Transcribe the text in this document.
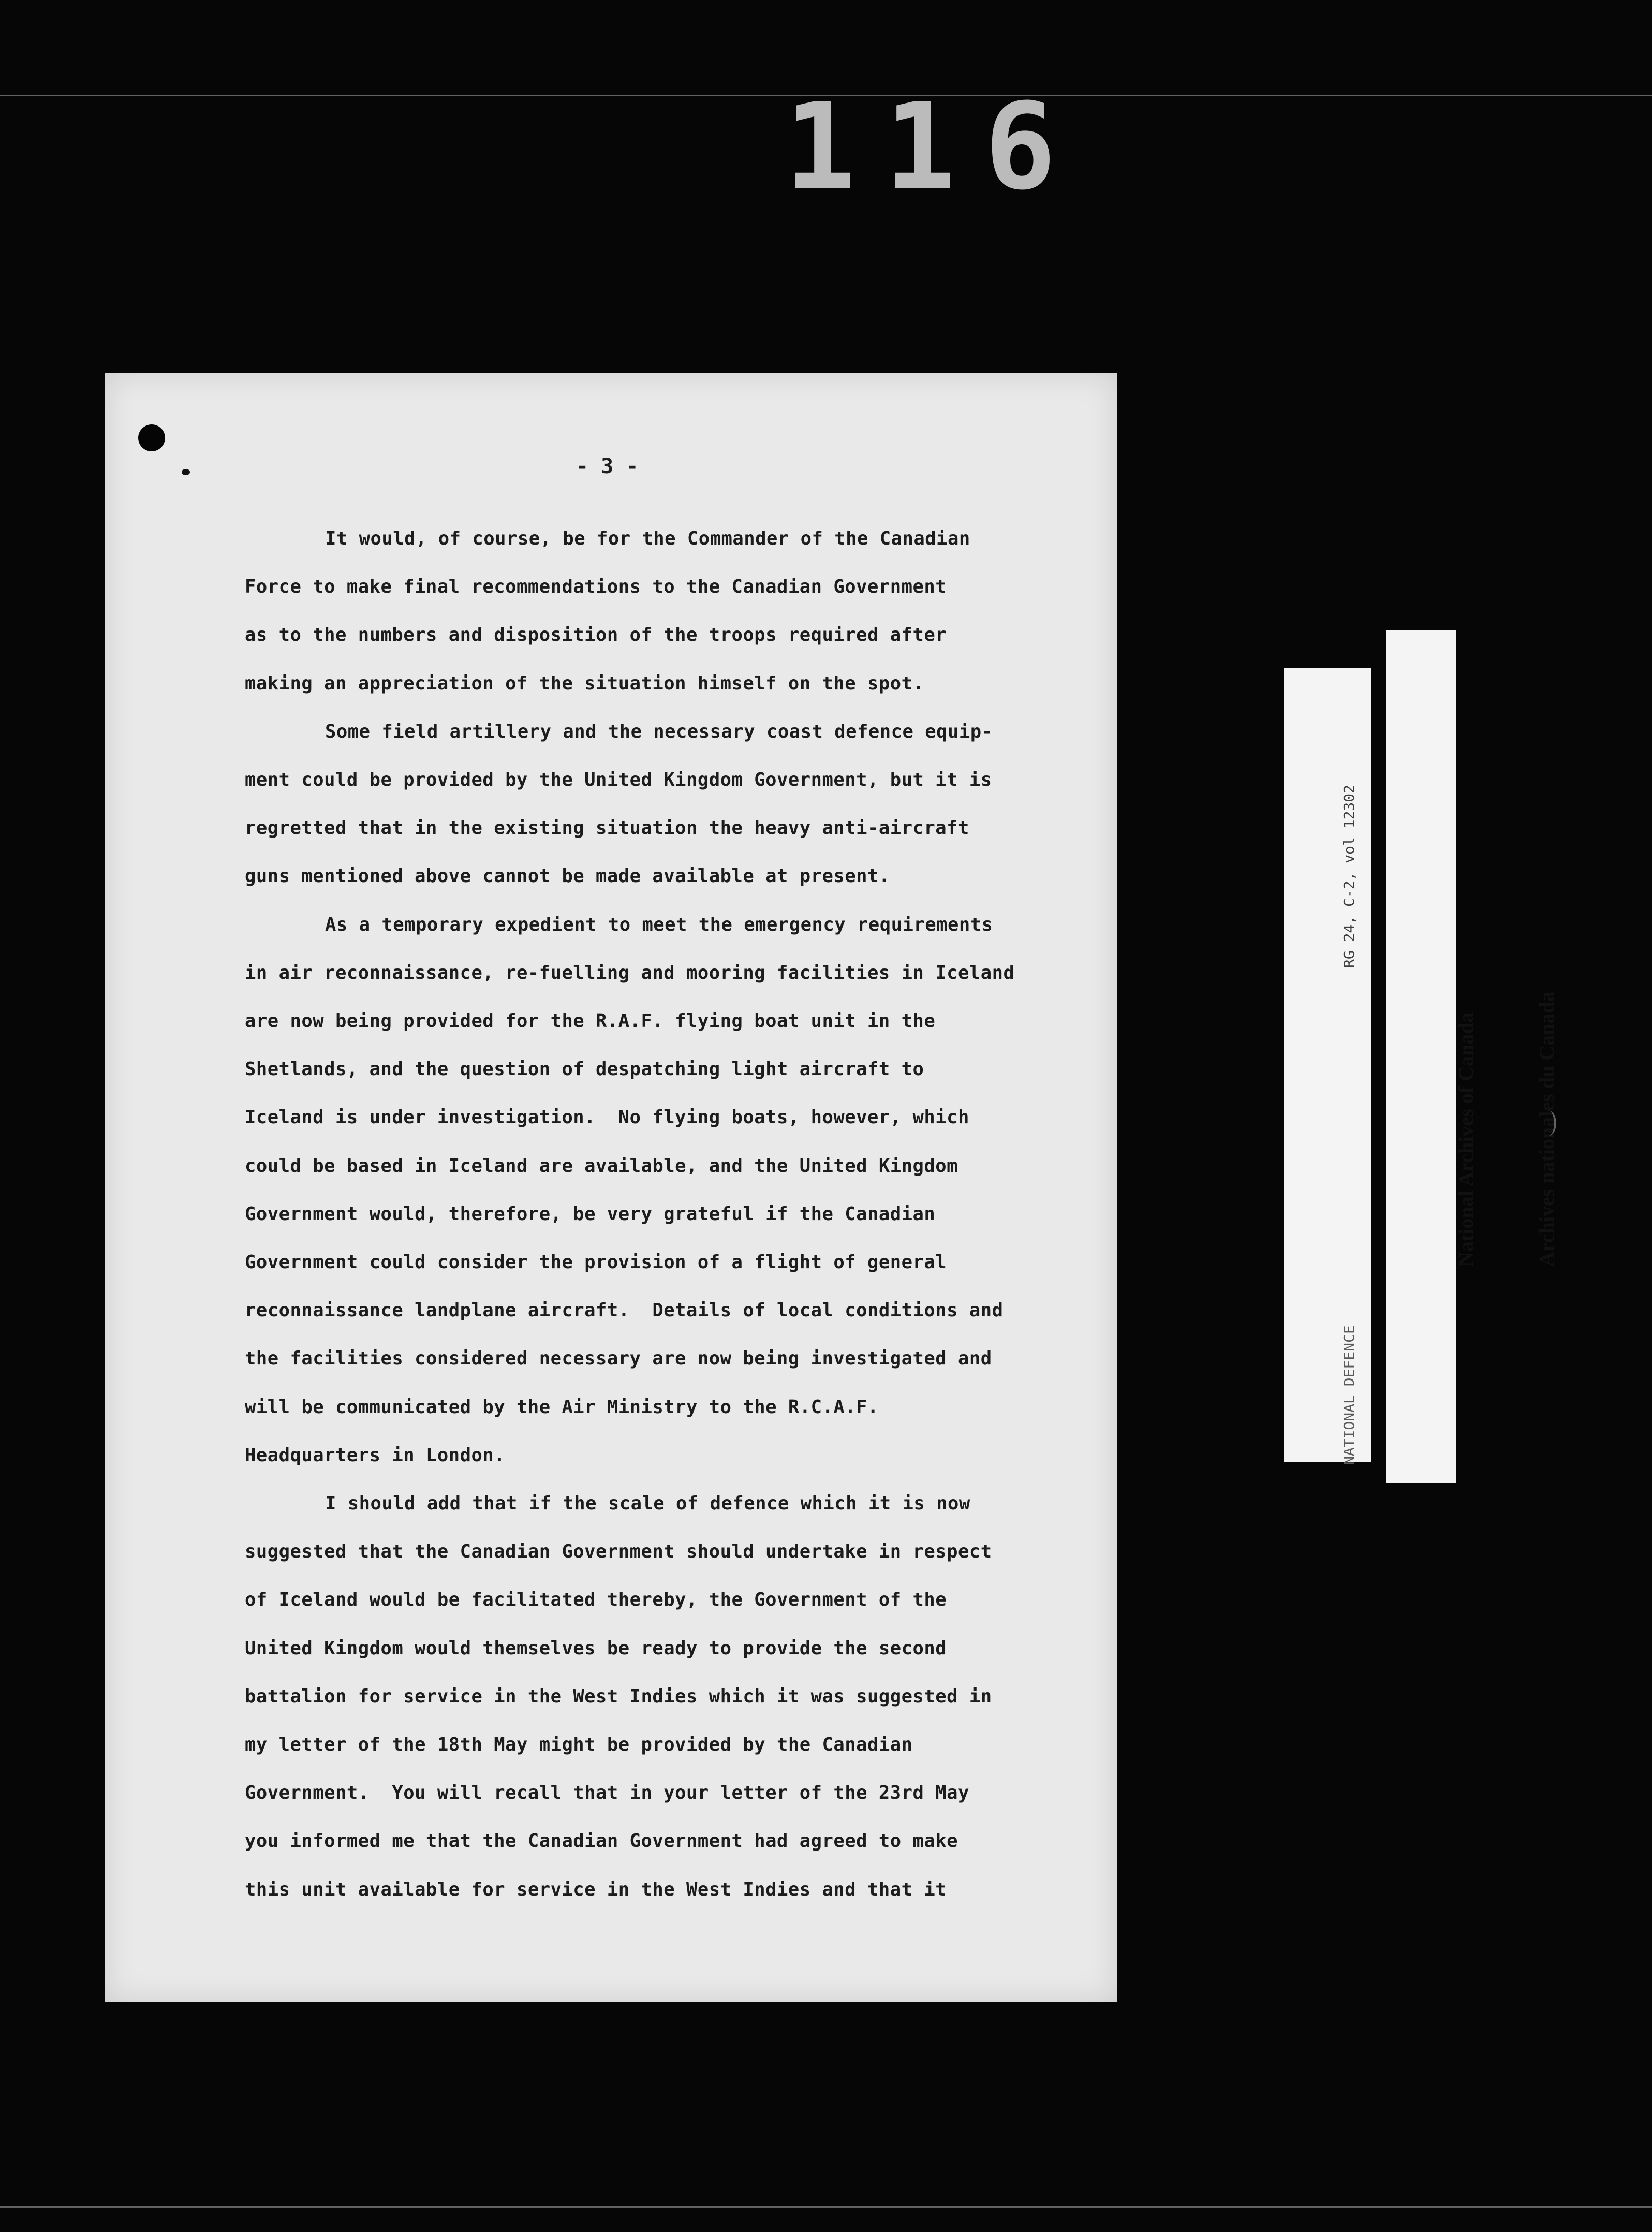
116
- 3 -
It would, of course, be for the Commander of the Canadian
Force to make final recommendations to the Canadian Government
as to the numbers and disposition of the troops required after
making an appreciation of the situation himself on the spot.
Some field artillery and the necessary coast defence equip-
ment could be provided by the United Kingdom Government, but it is
regretted that in the existing situation the heavy anti-aircraft
guns mentioned above cannot be made available at present.
As a temporary expedient to meet the emergency requirements
in air reconnaissance, re-fuelling and mooring facilities in Iceland
are now being provided for the R.A.F. flying boat unit in the
Shetlands, and the question of despatching light aircraft to
Iceland is under investigation.  No flying boats, however, which
could be based in Iceland are available, and the United Kingdom
Government would, therefore, be very grateful if the Canadian
Government could consider the provision of a flight of general
reconnaissance landplane aircraft.  Details of local conditions and
the facilities considered necessary are now being investigated and
will be communicated by the Air Ministry to the R.C.A.F.
Headquarters in London.
I should add that if the scale of defence which it is now
suggested that the Canadian Government should undertake in respect
of Iceland would be facilitated thereby, the Government of the
United Kingdom would themselves be ready to provide the second
battalion for service in the West Indies which it was suggested in
my letter of the 18th May might be provided by the Canadian
Government.  You will recall that in your letter of the 23rd May
you informed me that the Canadian Government had agreed to make
this unit available for service in the West Indies and that it

NATIONAL DEFENCE

RG 24, C-2, vol 12302

National Archives of Canada

	Archives nationales du Canada
